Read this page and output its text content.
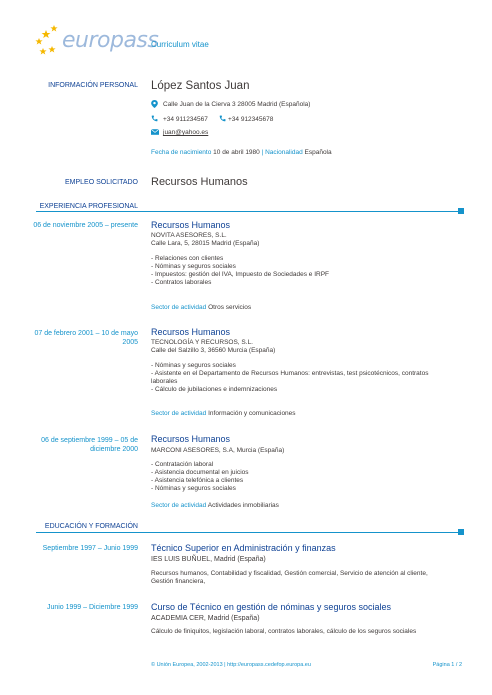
europass
Curriculum vitae
INFORMACIÓN PERSONAL López Santos Juan
Calle Juan de la Cierva 3 28005 Madrid (Española)
+34 911234567	+34 912345678
juan@yahoo.es
Fecha de nacimiento 10 de abril 1980 | Nacionalidad Española
EMPLEO SOLICITADO Recursos Humanos
EXPERIENCIA PROFESIONAL
06 de noviembre 2005 – presente Recursos Humanos
NOVITA ASESORES, S.L.
Calle Lara, 5, 28015 Madrid (España)
- Relaciones con clientes
- Nóminas y seguros sociales
- Impuestos: gestión del IVA, Impuesto de Sociedades e IRPF
- Contratos laborales
Sector de actividad Otros servicios
07 de febrero 2001 – 10 de mayo
2005
Recursos Humanos
TECNOLOGÍA Y RECURSOS, S.L.
Calle del Salzillo 3, 36560 Murcia (España)
- Nóminas y seguros sociales
- Asistente en el Departamento de Recursos Humanos: entrevistas, test psicotécnicos, contratos
laborales
- Cálculo de jubilaciones e indemnizaciones
Sector de actividad Información y comunicaciones
06 de septiembre 1999 – 05 de
diciembre 2000
Recursos Humanos
MARCONI ASESORES, S.A, Murcia (España)
- Contratación laboral
- Asistencia documental en juicios
- Asistencia telefónica a clientes
- Nóminas y seguros sociales
Sector de actividad Actividades inmobiliarias
EDUCACIÓN Y FORMACIÓN
Septiembre 1997 – Junio 1999 Técnico Superior en Administración y finanzas
IES LUIS BUÑUEL, Madrid (España)
Recursos humanos, Contabilidad y fiscalidad, Gestión comercial, Servicio de atención al cliente,
Gestión financiera,
Junio 1999 – Diciembre 1999 Curso de Técnico en gestión de nóminas y seguros sociales
ACADEMIA CER, Madrid (España)
Cálculo de finiquitos, legislación laboral, contratos laborales, cálculo de los seguros sociales
© Unión Europea, 2002-2013 | http://europass.cedefop.europa.eu	Página 1 / 2
